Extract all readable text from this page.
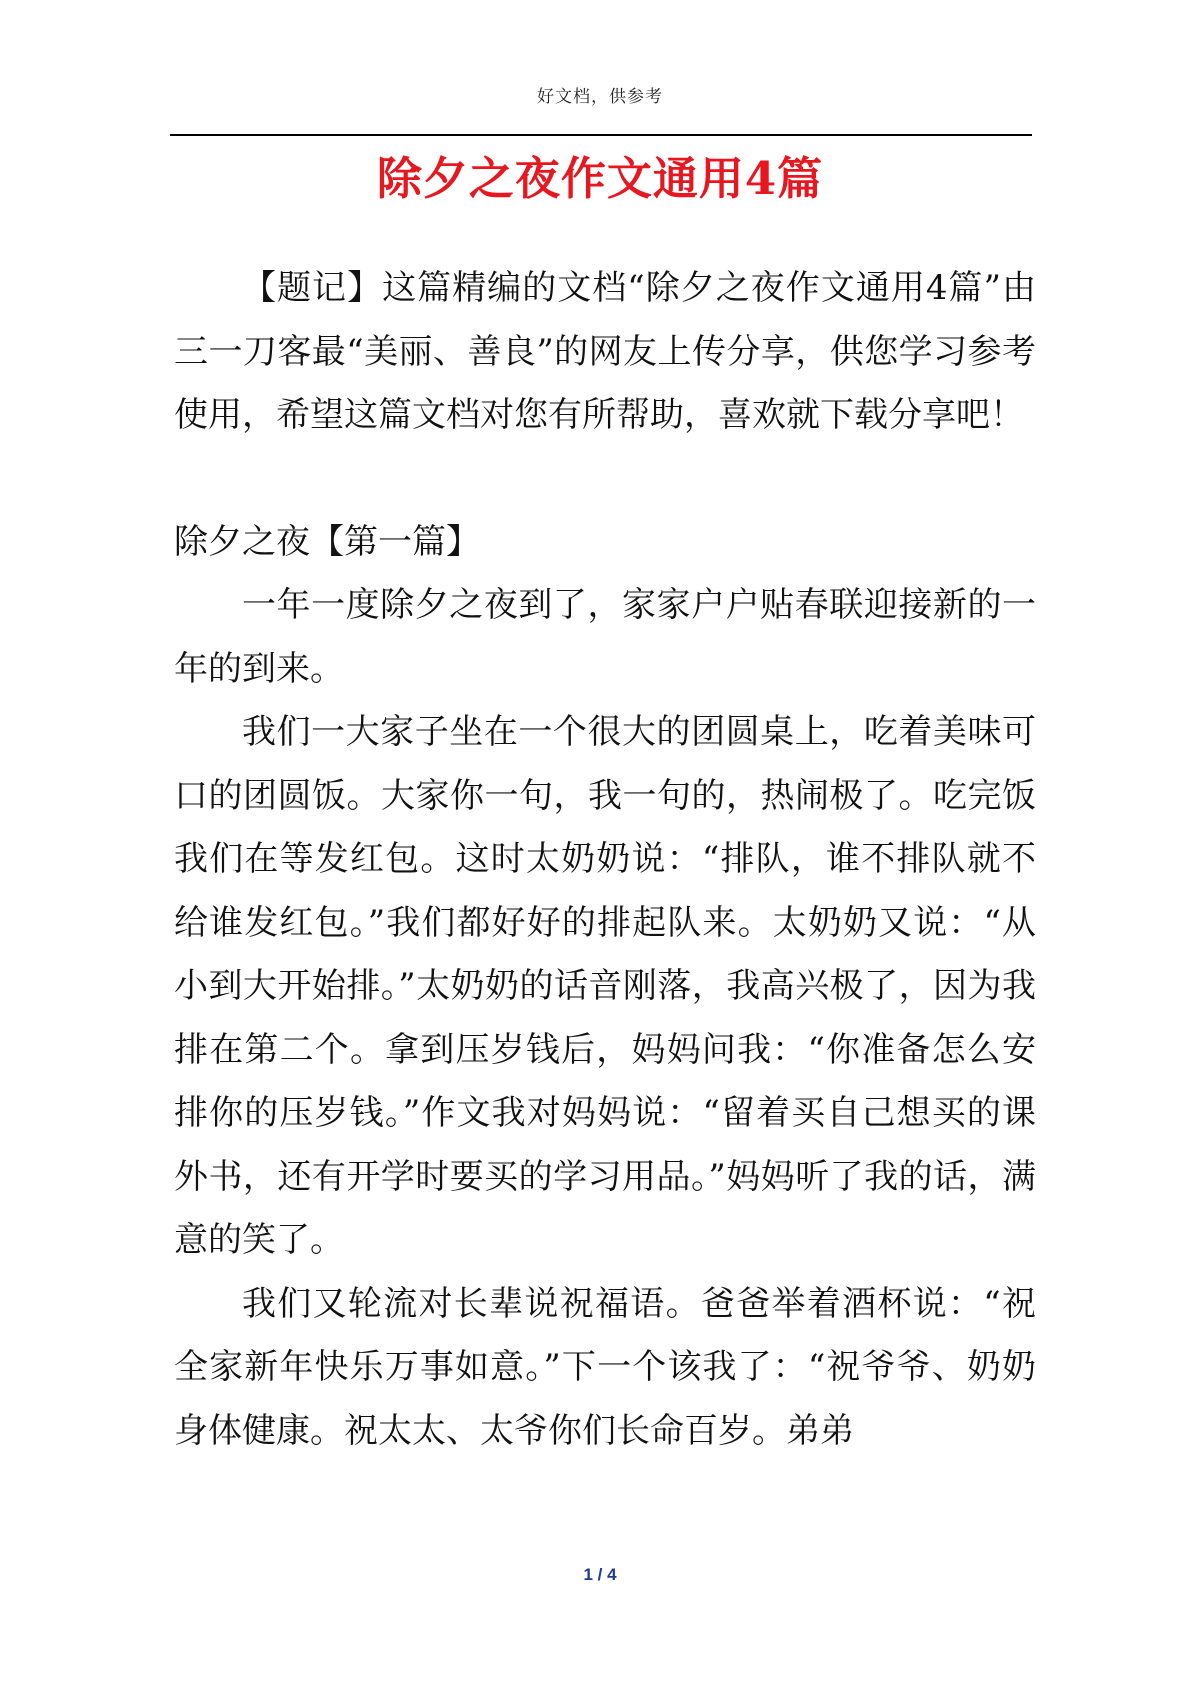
好文档，供参考
除夕之夜作文通用4篇

【题记】这篇精编的文档“除夕之夜作文通用4篇”由三一刀客最“美丽、善良”的网友上传分享，供您学习参考使用，希望这篇文档对您有所帮助，喜欢就下载分享吧！

除夕之夜【第一篇】

一年一度除夕之夜到了，家家户户贴春联迎接新的一年的到来。

我们一大家子坐在一个很大的团圆桌上，吃着美味可口的团圆饭。大家你一句，我一句的，热闹极了。吃完饭我们在等发红包。这时太奶奶说：“排队，谁不排队就不给谁发红包。”我们都好好的排起队来。太奶奶又说：“从小到大开始排。”太奶奶的话音刚落，我高兴极了，因为我排在第二个。拿到压岁钱后，妈妈问我：“你准备怎么安排你的压岁钱。”作文我对妈妈说：“留着买自己想买的课外书，还有开学时要买的学习用品。”妈妈听了我的话，满意的笑了。

我们又轮流对长辈说祝福语。爸爸举着酒杯说：“祝全家新年快乐万事如意。”下一个该我了：“祝爷爷、奶奶身体健康。祝太太、太爷你们长命百岁。弟弟

1 / 4
